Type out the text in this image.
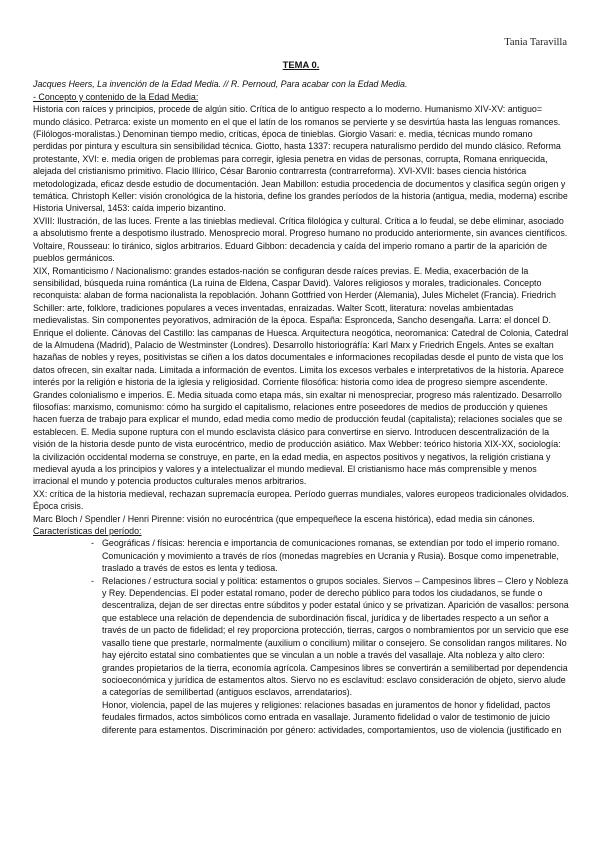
Tania Taravilla
TEMA 0.

Jacques Heers, La invención de la Edad Media. // R. Pernoud, Para acabar con la Edad Media.

- Concepto y contenido de la Edad Media:

Historia con raíces y principios, procede de algún sitio. Crítica de lo antiguo respecto a lo moderno. Humanismo XIV-XV: antiguo= mundo clásico. Petrarca: existe un momento en el que el latín de los romanos se pervierte y se desvirtúa hasta las lenguas romances. (Filólogos-moralistas.) Denominan tiempo medio, críticas, época de tinieblas. Giorgio Vasari: e. media, técnicas mundo romano perdidas por pintura y escultura sin sensibilidad técnica. Giotto, hasta 1337: recupera naturalismo perdido del mundo clásico. Reforma protestante, XVI: e. media origen de problemas para corregir, iglesia penetra en vidas de personas, corrupta, Romana enriquecida, alejada del cristianismo primitivo. Flacio Illírico, César Baronio contrarresta (contrarreforma). XVI-XVII: bases ciencia histórica metodologizada, eficaz desde estudio de documentación. Jean Mabillon: estudia procedencia de documentos y clasifica según origen y temática. Christoph Keller: visión cronológica de la historia, define los grandes períodos de la historia (antigua, media, moderna) escribe Historia Universal, 1453: caída imperio bizantino.

XVIII: Ilustración, de las luces. Frente a las tinieblas medieval. Crítica filológica y cultural. Crítica a lo feudal, se debe eliminar, asociado a absolutismo frente a despotismo ilustrado. Menosprecio moral. Progreso humano no producido anteriormente, sin avances científicos. Voltaire, Rousseau: lo tiránico, siglos arbitrarios. Eduard Gibbon: decadencia y caída del imperio romano a partir de la aparición de pueblos germánicos.

XIX, Romanticismo / Nacionalismo: grandes estados-nación se configuran desde raíces previas. E. Media, exacerbación de la sensibilidad, búsqueda ruina romántica (La ruina de Eldena, Caspar David). Valores religiosos y morales, tradicionales. Concepto reconquista: alaban de forma nacionalista la repoblación. Johann Gottfried von Herder (Alemania), Jules Michelet (Francia). Friedrich Schiller: arte, folklore, tradiciones populares a veces inventadas, enraizadas. Walter Scott, literatura: novelas ambientadas medievalistas. Sin componentes peyorativos, admiración de la época. España: Espronceda, Sancho desengaña. Larra: el doncel D. Enrique el doliente. Cánovas del Castillo: las campanas de Huesca. Arquitectura neogótica, neoromanica: Catedral de Colonia, Catedral de la Almudena (Madrid), Palacio de Westminster (Londres). Desarrollo historiográfía: Karl Marx y Friedrich Engels. Antes se exaltan hazañas de nobles y reyes, positivistas se ciñen a los datos documentales e informaciones recopiladas desde el punto de vista que los datos ofrecen, sin exaltar nada. Limitada a información de eventos. Limita los excesos verbales e interpretativos de la historia. Aparece interés por la religión e historia de la iglesia y religiosidad. Corriente filosófica: historia como idea de progreso siempre ascendente. Grandes colonialismo e imperios. E. Media situada como etapa más, sin exaltar ni menospreciar, progreso más ralentizado. Desarrollo filosofías: marxismo, comunismo: cómo ha surgido el capitalismo, relaciones entre poseedores de medios de producción y quienes hacen fuerza de trabajo para explicar el mundo, edad media como medio de producción feudal (capitalista); relaciones sociales que se establecen. E. Media supone ruptura con el mundo esclavista clásico para convertirse en siervo. Introducen descentralización de la visión de la historia desde punto de vista eurocéntrico, medio de producción asiático. Max Webber: teórico historia XIX-XX, sociología: la civilización occidental moderna se construye, en parte, en la edad media, en aspectos positivos y negativos, la religión cristiana y medieval ayuda a los principios y valores y a intelectualizar el mundo medieval. El cristianismo hace más comprensible y menos irracional el mundo y potencia productos culturales menos arbitrarios.

XX: crítica de la historia medieval, rechazan supremacía europea. Período guerras mundiales, valores europeos tradicionales olvidados. Época crisis.

Marc Bloch / Spendler / Henri Pirenne: visión no eurocéntrica (que empequeñece la escena histórica), edad media sin cánones.

Características del período:

- Geográficas / físicas: herencia e importancia de comunicaciones romanas, se extendían por todo el imperio romano. Comunicación y movimiento a través de ríos (monedas magrebíes en Ucrania y Rusia). Bosque como impenetrable, traslado a través de estos es lenta y tediosa.
- Relaciones / estructura social y política: estamentos o grupos sociales. Siervos – Campesinos libres – Clero y Nobleza y Rey. Dependencias. El poder estatal romano, poder de derecho público para todos los ciudadanos, se funde o descentraliza, dejan de ser directas entre súbditos y poder estatal único y se privatizan. Aparición de vasallos: persona que establece una relación de dependencia de subordinación fiscal, jurídica y de libertades respecto a un señor a través de un pacto de fidelidad; el rey proporciona protección, tierras, cargos o nombramientos por un servicio que ese vasallo tiene que prestarle, normalmente (auxilium o concilium) militar o consejero. Se consolidan rangos militares. No hay ejército estatal sino combatientes que se vinculan a un noble a través del vasallaje. Alta nobleza y alto clero: grandes propietarios de la tierra, economía agrícola. Campesinos libres se convertirán a semilibertad por dependencia socioeconómica y jurídica de estamentos altos. Siervo no es esclavitud: esclavo consideración de objeto, siervo alude a categorías de semilibertad (antiguos esclavos, arrendatarios).

Honor, violencia, papel de las mujeres y religiones: relaciones basadas en juramentos de honor y fidelidad, pactos feudales firmados, actos simbólicos como entrada en vasallaje. Juramento fidelidad o valor de testimonio de juicio diferente para estamentos. Discriminación por género: actividades, comportamientos, uso de violencia (justificado en
